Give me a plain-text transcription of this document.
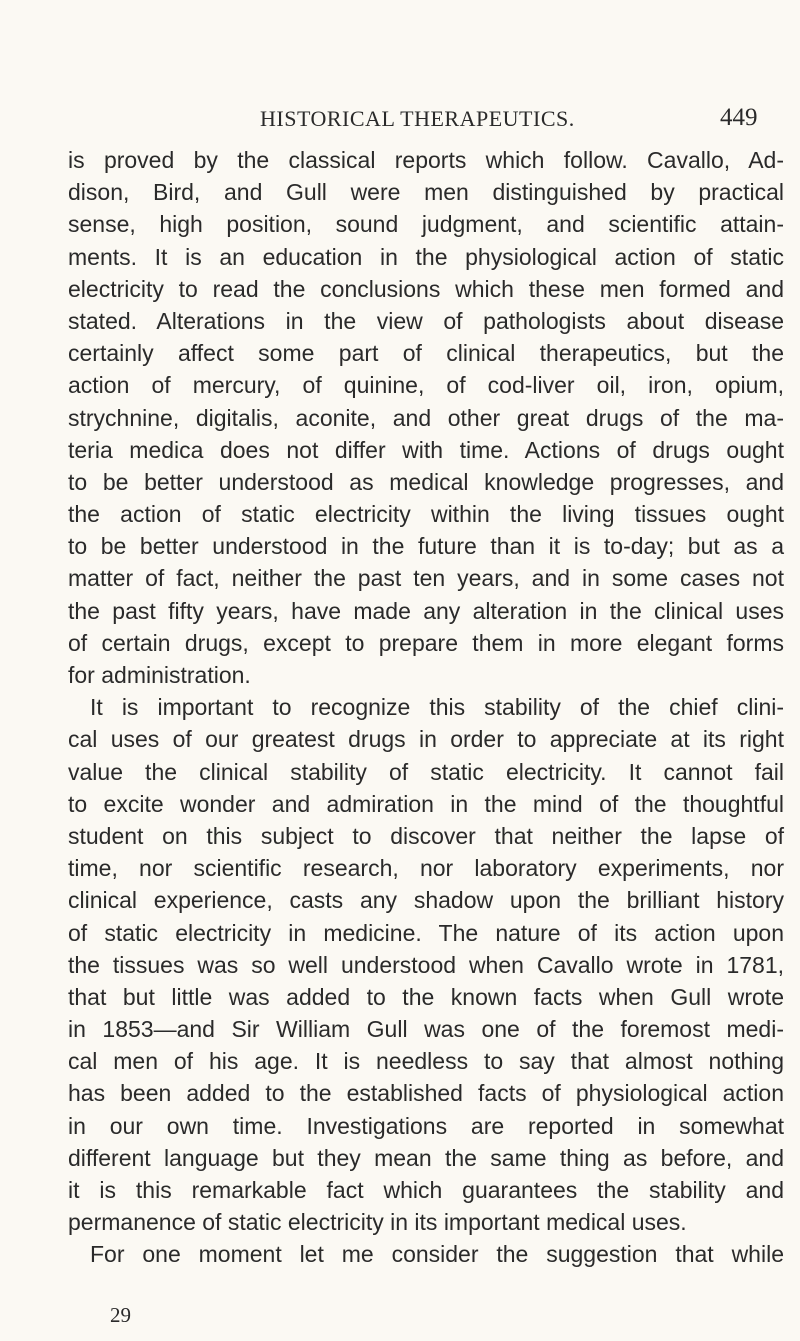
HISTORICAL THERAPEUTICS.	449
is proved by the classical reports which follow. Cavallo, Ad-
dison, Bird, and Gull were men distinguished by practical
sense, high position, sound judgment, and scientific attain-
ments. It is an education in the physiological action of static
electricity to read the conclusions which these men formed and
stated. Alterations in the view of pathologists about disease
certainly affect some part of clinical therapeutics, but the
action of mercury, of quinine, of cod-liver oil, iron, opium,
strychnine, digitalis, aconite, and other great drugs of the ma-
teria medica does not differ with time. Actions of drugs ought
to be better understood as medical knowledge progresses, and
the action of static electricity within the living tissues ought
to be better understood in the future than it is to-day; but as a
matter of fact, neither the past ten years, and in some cases not
the past fifty years, have made any alteration in the clinical uses
of certain drugs, except to prepare them in more elegant forms
for administration.
It is important to recognize this stability of the chief clini-
cal uses of our greatest drugs in order to appreciate at its right
value the clinical stability of static electricity. It cannot fail
to excite wonder and admiration in the mind of the thoughtful
student on this subject to discover that neither the lapse of
time, nor scientific research, nor laboratory experiments, nor
clinical experience, casts any shadow upon the brilliant history
of static electricity in medicine. The nature of its action upon
the tissues was so well understood when Cavallo wrote in 1781,
that but little was added to the known facts when Gull wrote
in 1853—and Sir William Gull was one of the foremost medi-
cal men of his age. It is needless to say that almost nothing
has been added to the established facts of physiological action
in our own time. Investigations are reported in somewhat
different language but they mean the same thing as before, and
it is this remarkable fact which guarantees the stability and
permanence of static electricity in its important medical uses.
For one moment let me consider the suggestion that while
29
